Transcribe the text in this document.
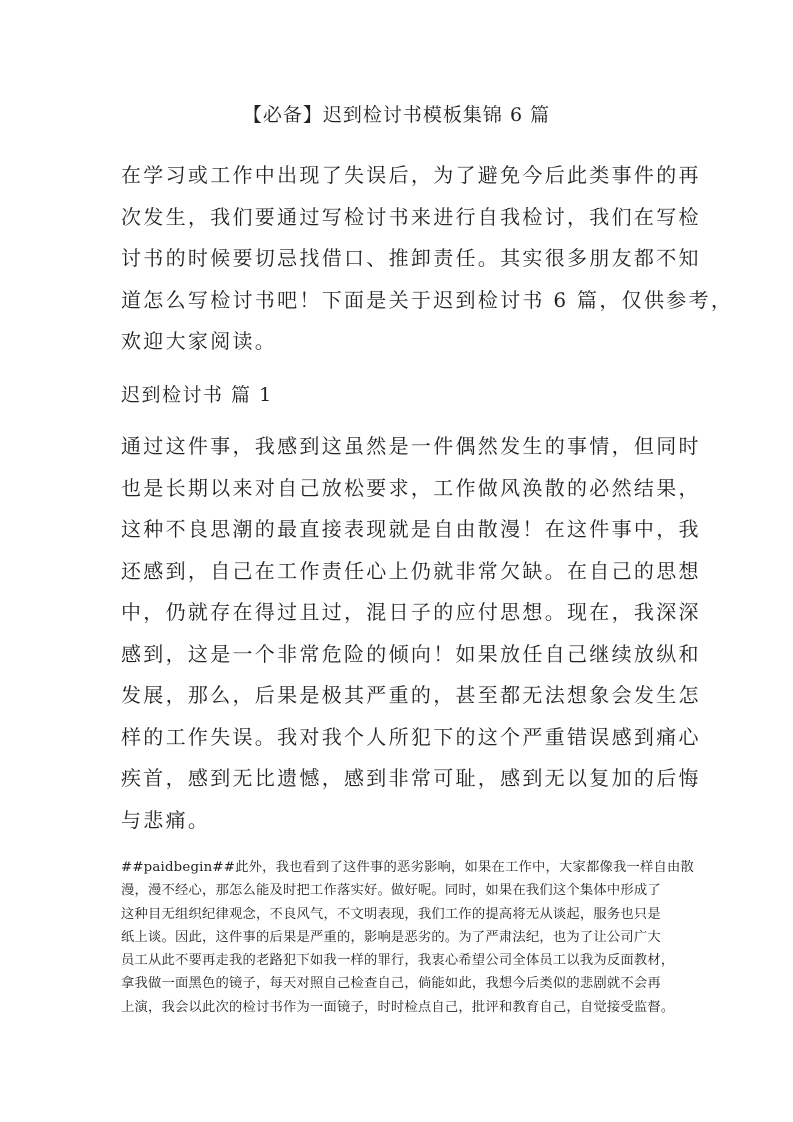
【必备】迟到检讨书模板集锦 6 篇

在学习或工作中出现了失误后，为了避免今后此类事件的再
次发生，我们要通过写检讨书来进行自我检讨，我们在写检
讨书的时候要切忌找借口、推卸责任。其实很多朋友都不知
道怎么写检讨书吧！下面是关于迟到检讨书 6 篇，仅供参考，
欢迎大家阅读。

迟到检讨书 篇 1

通过这件事，我感到这虽然是一件偶然发生的事情，但同时
也是长期以来对自己放松要求，工作做风涣散的必然结果，
这种不良思潮的最直接表现就是自由散漫！在这件事中，我
还感到，自己在工作责任心上仍就非常欠缺。在自己的思想
中，仍就存在得过且过，混日子的应付思想。现在，我深深
感到，这是一个非常危险的倾向！如果放任自己继续放纵和
发展，那么，后果是极其严重的，甚至都无法想象会发生怎
样的工作失误。我对我个人所犯下的这个严重错误感到痛心
疾首，感到无比遗憾，感到非常可耻，感到无以复加的后悔
与悲痛。

##paidbegin##此外，我也看到了这件事的恶劣影响，如果在工作中，大家都像我一样自由散
漫，漫不经心，那怎么能及时把工作落实好。做好呢。同时，如果在我们这个集体中形成了
这种目无组织纪律观念，不良风气，不文明表现，我们工作的提高将无从谈起，服务也只是
纸上谈。因此，这件事的后果是严重的，影响是恶劣的。为了严肃法纪，也为了让公司广大
员工从此不要再走我的老路犯下如我一样的罪行，我衷心希望公司全体员工以我为反面教材，
拿我做一面黑色的镜子，每天对照自己检查自己，倘能如此，我想今后类似的悲剧就不会再
上演，我会以此次的检讨书作为一面镜子，时时检点自己，批评和教育自己，自觉接受监督。
